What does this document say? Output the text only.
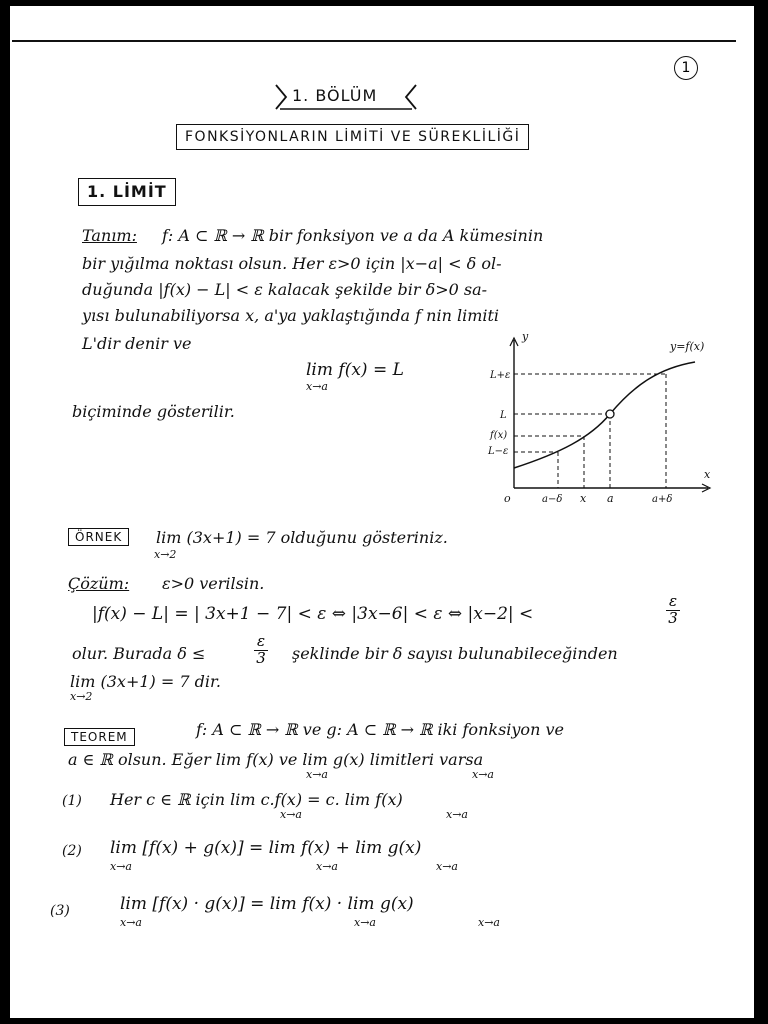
1
1. BÖLÜM
FONKSİYONLARIN LİMİTİ VE SÜREKLİLİĞİ
1. LİMİT
Tanım: f: A ⊂ ℝ → ℝ bir fonksiyon ve a da A kümesinin
bir yığılma noktası olsun. Her ε>0 için |x−a| < δ ol-
duğunda |f(x) − L| < ε kalacak şekilde bir δ>0 sa-
yısı bulunabiliyorsa x, a'ya yaklaştığında f nin limiti
L'dir denir ve
lim f(x) = L
x→a
biçiminde gösterilir.
y
x
y=f(x)
L+ε
L
f(x)
L−ε
o	a−δ x a	a+δ
ÖRNEK	lim (3x+1) = 7 olduğunu gösteriniz.
x→2
Çözüm: ε>0 verilsin.
|f(x) − L| = | 3x+1 − 7| < ε ⇔ |3x−6| < ε ⇔ |x−2| <
ε
3
olur. Burada δ ≤
ε
3 şeklinde bir δ sayısı bulunabileceğinden
lim (3x+1) = 7 dir.
x→2
TEOREM	f: A ⊂ ℝ → ℝ ve g: A ⊂ ℝ → ℝ iki fonksiyon ve
a ∈ ℝ olsun. Eğer lim f(x) ve lim g(x) limitleri varsa
x→a	x→a
(1) Her c ∈ ℝ için lim c.f(x) = c. lim f(x)
x→a	x→a
(2) lim [f(x) + g(x)] = lim f(x) + lim g(x)
x→a	x→a	x→a
(3)	lim [f(x) · g(x)] = lim f(x) · lim g(x)
x→a	x→a	x→a
